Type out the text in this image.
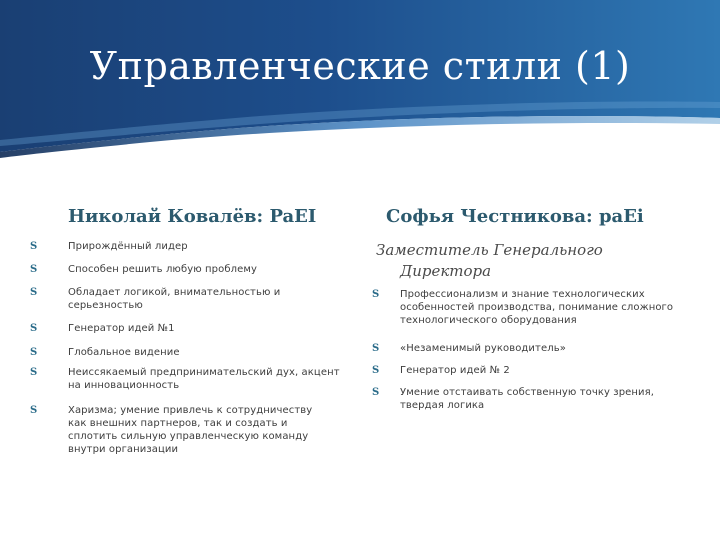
Управленческие стили (1)
Николай Ковалёв: PaEI	Софья Честникова: paEi
Заместитель Генерального
Директора
S	Прирождённый лидер
S	Способен решить любую проблему
S	Обладает логикой, внимательностью и серьезностью
S	Генератор идей №1
S	Глобальное видение
S	Неиссякаемый предпринимательский дух, акцент на инновационность
S	Харизма; умение привлечь к сотрудничеству как внешних партнеров, так и создать и сплотить сильную управленческую команду внутри организации
S	Профессионализм и знание технологических особенностей производства, понимание сложного технологического оборудования
S	«Незаменимый руководитель»
S	Генератор идей № 2
S	Умение отстаивать собственную точку зрения, твердая логика
